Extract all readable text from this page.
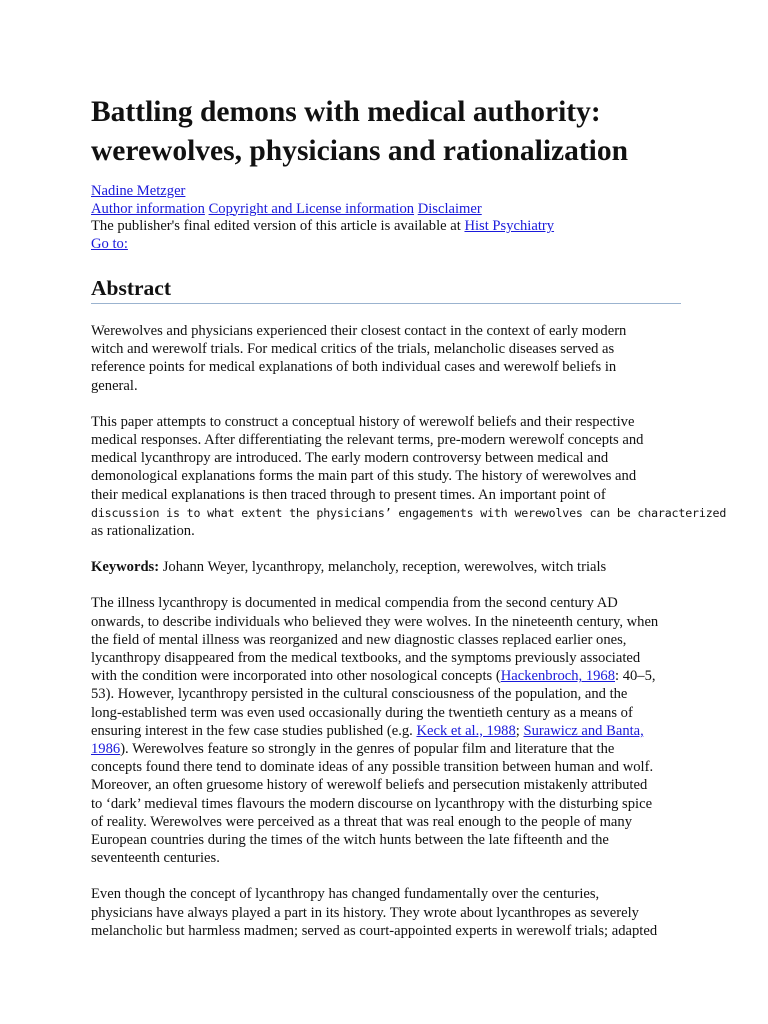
Battling demons with medical authority:
werewolves, physicians and rationalization
Nadine Metzger
Author information Copyright and License information Disclaimer
The publisher's final edited version of this article is available at Hist Psychiatry
Go to:
Abstract

Werewolves and physicians experienced their closest contact in the context of early modern
witch and werewolf trials. For medical critics of the trials, melancholic diseases served as
reference points for medical explanations of both individual cases and werewolf beliefs in
general.

This paper attempts to construct a conceptual history of werewolf beliefs and their respective
medical responses. After differentiating the relevant terms, pre-modern werewolf concepts and
medical lycanthropy are introduced. The early modern controversy between medical and
demonological explanations forms the main part of this study. The history of werewolves and
their medical explanations is then traced through to present times. An important point of
discussion is to what extent the physicians’ engagements with werewolves can be characterized
as rationalization.

Keywords: Johann Weyer, lycanthropy, melancholy, reception, werewolves, witch trials

The illness lycanthropy is documented in medical compendia from the second century AD
onwards, to describe individuals who believed they were wolves. In the nineteenth century, when
the field of mental illness was reorganized and new diagnostic classes replaced earlier ones,
lycanthropy disappeared from the medical textbooks, and the symptoms previously associated
with the condition were incorporated into other nosological concepts (Hackenbroch, 1968: 40–5,
53). However, lycanthropy persisted in the cultural consciousness of the population, and the
long-established term was even used occasionally during the twentieth century as a means of
ensuring interest in the few case studies published (e.g. Keck et al., 1988; Surawicz and Banta,
1986). Werewolves feature so strongly in the genres of popular film and literature that the
concepts found there tend to dominate ideas of any possible transition between human and wolf.
Moreover, an often gruesome history of werewolf beliefs and persecution mistakenly attributed
to ‘dark’ medieval times flavours the modern discourse on lycanthropy with the disturbing spice
of reality. Werewolves were perceived as a threat that was real enough to the people of many
European countries during the times of the witch hunts between the late fifteenth and the
seventeenth centuries.

Even though the concept of lycanthropy has changed fundamentally over the centuries,
physicians have always played a part in its history. They wrote about lycanthropes as severely
melancholic but harmless madmen; served as court-appointed experts in werewolf trials; adapted
